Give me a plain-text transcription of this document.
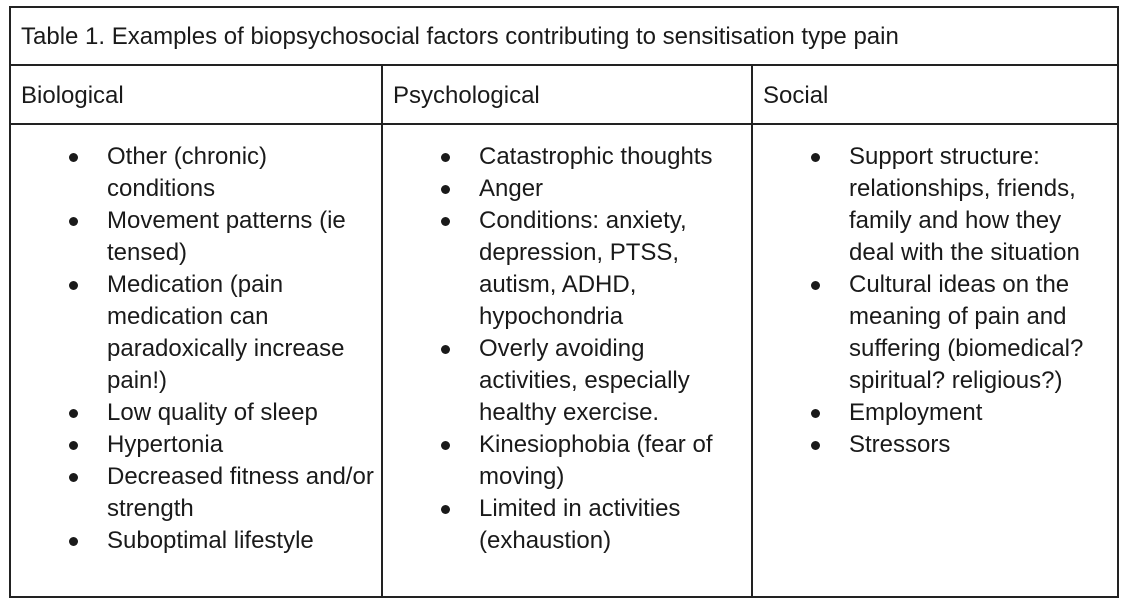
Table 1. Examples of biopsychosocial factors contributing to sensitisation type pain
Biological	Psychological	Social
Other (chronic) conditions
Movement patterns (ie tensed)
Medication (pain medication can paradoxically increase pain!)
Low quality of sleep
Hypertonia
Decreased fitness and/or strength
Suboptimal lifestyle
Catastrophic thoughts
Anger
Conditions: anxiety, depression, PTSS, autism, ADHD, hypochondria
Overly avoiding activities, especially healthy exercise.
Kinesiophobia (fear of moving)
Limited in activities (exhaustion)
Support structure: relationships, friends, family and how they deal with the situation
Cultural ideas on the meaning of pain and suffering (biomedical? spiritual? religious?)
Employment
Stressors
